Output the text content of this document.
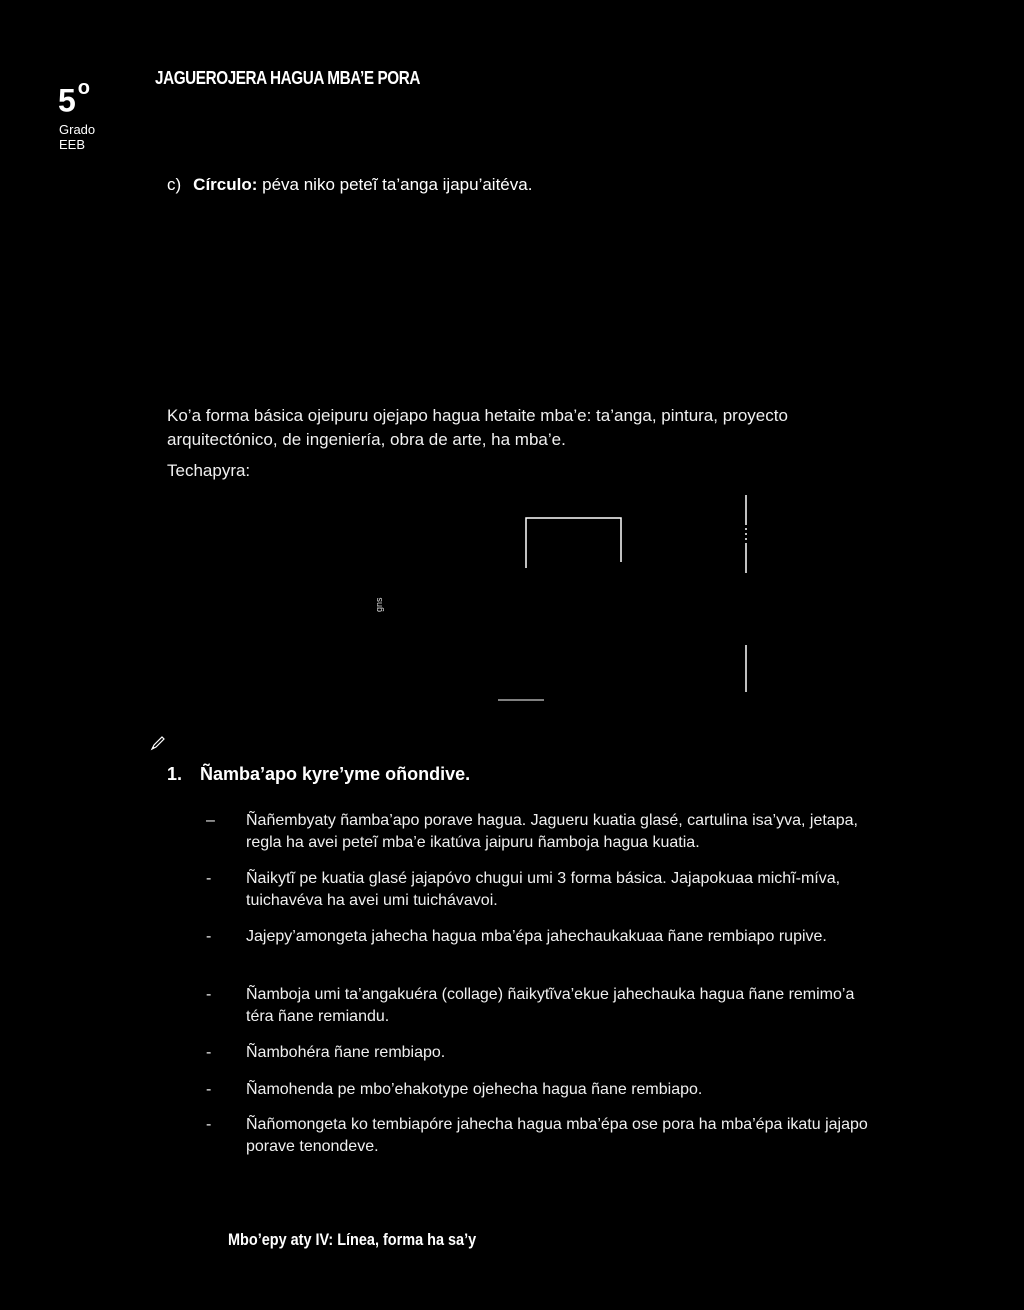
5 $^o$
Grado
EEB
JAGUEROJERA HAGUA MBA’E PORA
c) Círculo: péva niko peteĩ ta’anga ijapu’aitéva.
Ko’a forma básica ojeipuru ojejapo hagua hetaite mba’e: ta’anga, pintura, proyecto arquitectónico, de ingeniería, obra de arte, ha mba’e.
Techapyra:
gns
1. Ñamba’apo kyre’yme oñondive.
– Ñañembyaty ñamba’apo porave hagua. Jagueru kuatia glasé, cartulina isa’yva, jetapa, regla ha avei peteĩ mba’e ikatúva jaipuru ñamboja hagua kuatia.
- Ñaikytĩ pe kuatia glasé jajapóvo chugui umi 3 forma básica. Jajapokuaa michĩ-míva, tuichavéva ha avei umi tuichávavoi.
- Jajepy’amongeta jahecha hagua mba’épa jahechaukakuaa ñane rembiapo rupive.
- Ñamboja umi ta’angakuéra (collage) ñaikytĩva’ekue jahechauka hagua ñane remimo’a téra ñane remiandu.
- Ñambohéra ñane rembiapo.
- Ñamohenda pe mbo’ehakotype ojehecha hagua ñane rembiapo.
- Ñañomongeta ko tembiapóre jahecha hagua mba’épa ose pora ha mba’épa ikatu jajapo porave tenondeve.
Mbo’epy aty IV: Línea, forma ha sa’y
